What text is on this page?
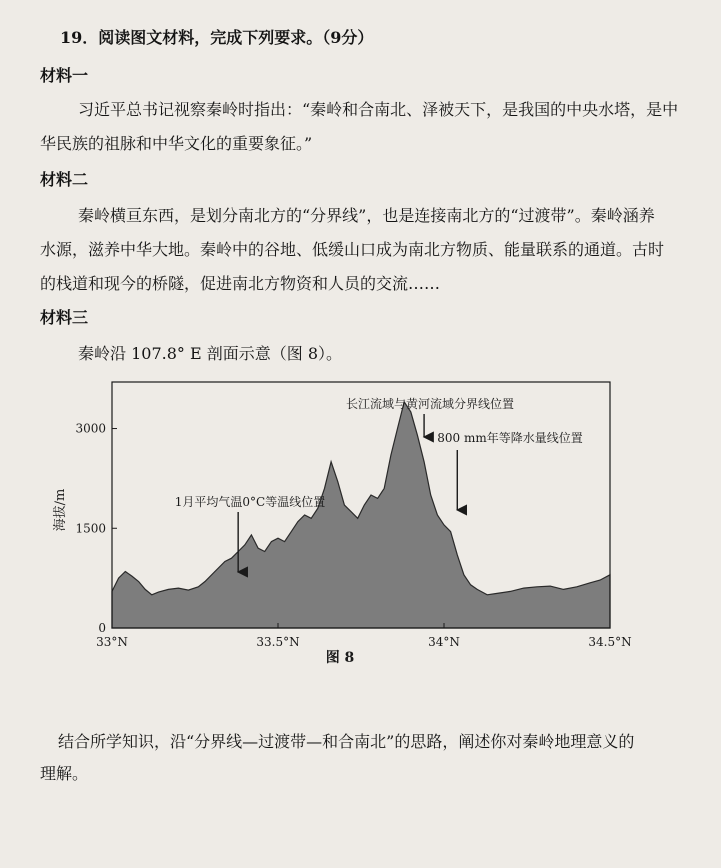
19．阅读图文材料，完成下列要求。（9分）
材料一
习近平总书记视察秦岭时指出：“秦岭和合南北、泽被天下，是我国的中央水塔，是中
华民族的祖脉和中华文化的重要象征。”
材料二
秦岭横亘东西，是划分南北方的“分界线”，也是连接南北方的“过渡带”。秦岭涵养
水源，滋养中华大地。秦岭中的谷地、低缓山口成为南北方物质、能量联系的通道。古时
的栈道和现今的桥隧，促进南北方物资和人员的交流……
材料三
秦岭沿 107.8° E 剖面示意（图 8）。
0
1500
3000
33°N	33.5°N	34°N	34.5°N
海拔/m	1月平均气温0°C等温线位置
长江流域与黄河流域分界线位置
800 mm年等降水量线位置
图 8
结合所学知识，沿“分界线—过渡带—和合南北”的思路，阐述你对秦岭地理意义的
理解。
